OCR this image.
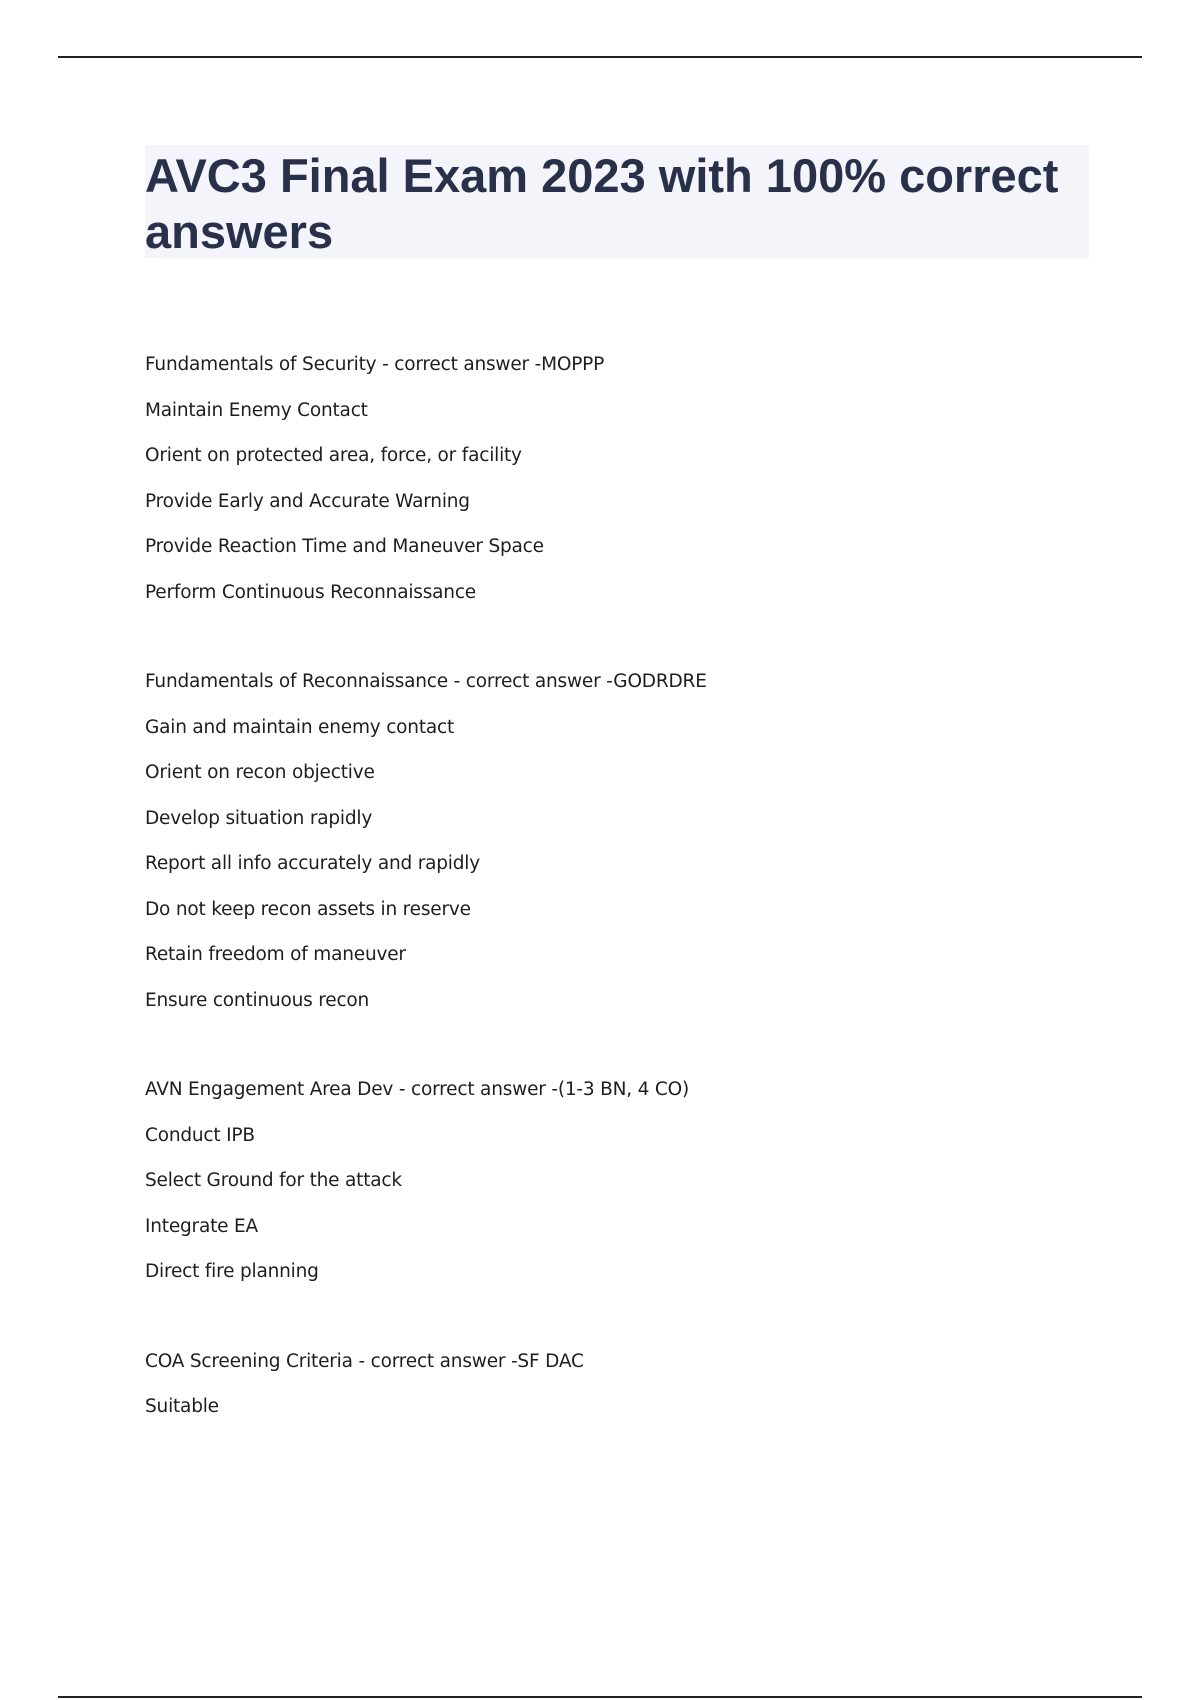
AVC3 Final Exam 2023 with 100% correct answers
Fundamentals of Security - correct answer -MOPPP
Maintain Enemy Contact
Orient on protected area, force, or facility
Provide Early and Accurate Warning
Provide Reaction Time and Maneuver Space
Perform Continuous Reconnaissance
Fundamentals of Reconnaissance - correct answer -GODRDRE
Gain and maintain enemy contact
Orient on recon objective
Develop situation rapidly
Report all info accurately and rapidly
Do not keep recon assets in reserve
Retain freedom of maneuver
Ensure continuous recon
AVN Engagement Area Dev - correct answer -(1-3 BN, 4 CO)
Conduct IPB
Select Ground for the attack
Integrate EA
Direct fire planning
COA Screening Criteria - correct answer -SF DAC
Suitable
